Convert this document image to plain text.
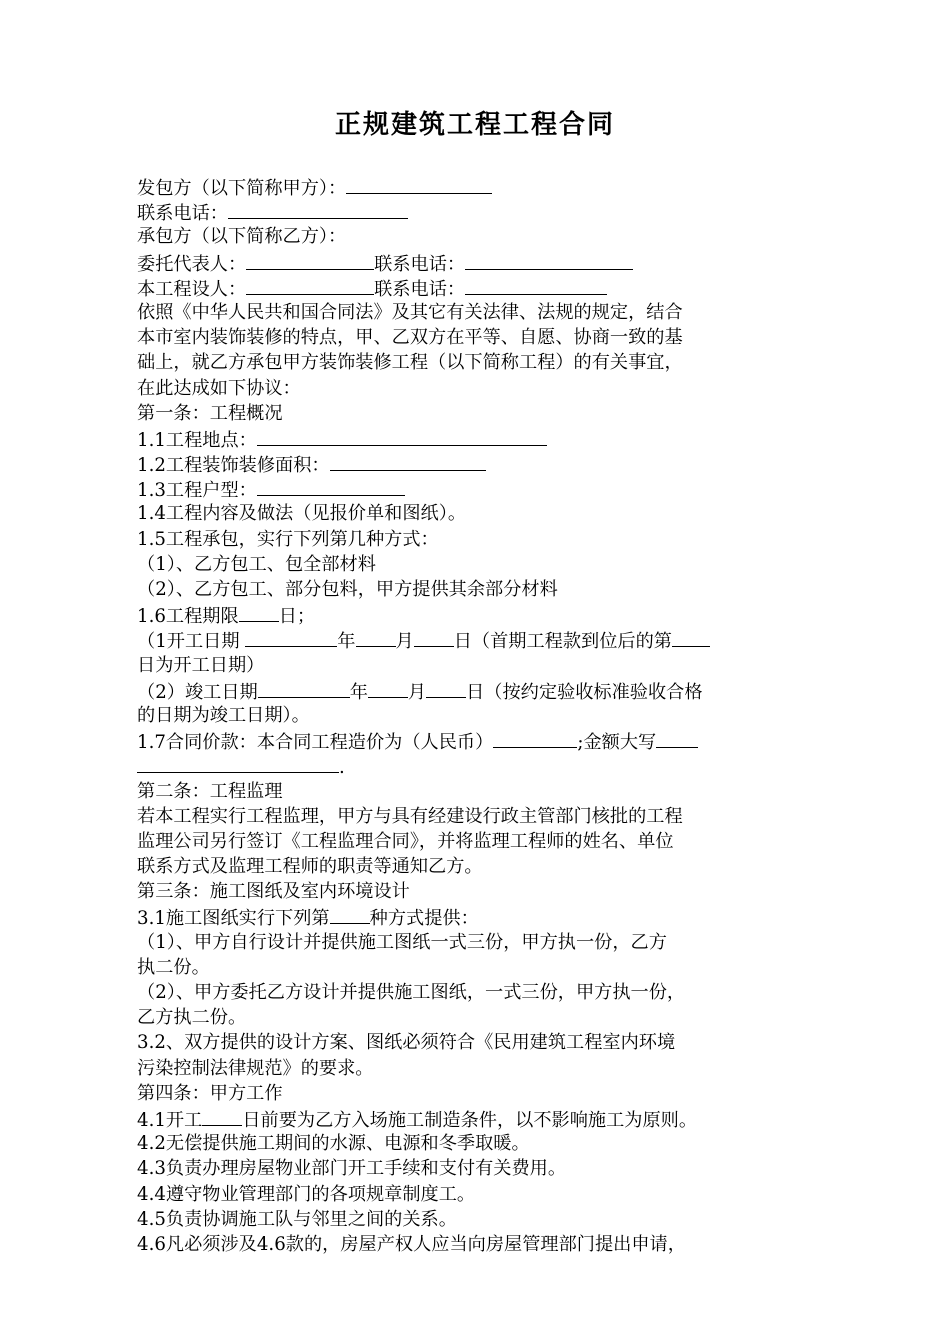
正规建筑工程工程合同
发包方（以下简称甲方）：
联系电话：
承包方（以下简称乙方）：
委托代表人：	联系电话：
本工程设人：	联系电话：
依照《中华人民共和国合同法》及其它有关法律、法规的规定，结合
本市室内装饰装修的特点，甲、乙双方在平等、自愿、协商一致的基
础上，就乙方承包甲方装饰装修工程（以下简称工程）的有关事宜，
在此达成如下协议：
第一条：工程概况
1.1工程地点：
1.2工程装饰装修面积：
1.3工程户型：
1.4工程内容及做法（见报价单和图纸）。
1.5工程承包，实行下列第几种方式：
（1）、乙方包工、包全部材料
（2）、乙方包工、部分包料，甲方提供其余部分材料
1.6工程期限 日；
（1开工日期	年 月 日（首期工程款到位后的第
日为开工日期）
（2）竣工日期	年 月 日（按约定验收标准验收合格
的日期为竣工日期）。
1.7合同价款：本合同工程造价为（人民币）	;金额大写
.
第二条：工程监理
若本工程实行工程监理，甲方与具有经建设行政主管部门核批的工程
监理公司另行签订《工程监理合同》，并将监理工程师的姓名、单位
联系方式及监理工程师的职责等通知乙方。
第三条：施工图纸及室内环境设计
3.1施工图纸实行下列第 种方式提供：
（1）、甲方自行设计并提供施工图纸一式三份，甲方执一份，乙方
执二份。
（2）、甲方委托乙方设计并提供施工图纸，一式三份，甲方执一份，
乙方执二份。
3.2、双方提供的设计方案、图纸必须符合《民用建筑工程室内环境
污染控制法律规范》的要求。
第四条：甲方工作
4.1开工 日前要为乙方入场施工制造条件，以不影响施工为原则。
4.2无偿提供施工期间的水源、电源和冬季取暖。
4.3负责办理房屋物业部门开工手续和支付有关费用。
4.4遵守物业管理部门的各项规章制度工。
4.5负责协调施工队与邻里之间的关系。
4.6凡必须涉及4.6款的，房屋产权人应当向房屋管理部门提出申请，
